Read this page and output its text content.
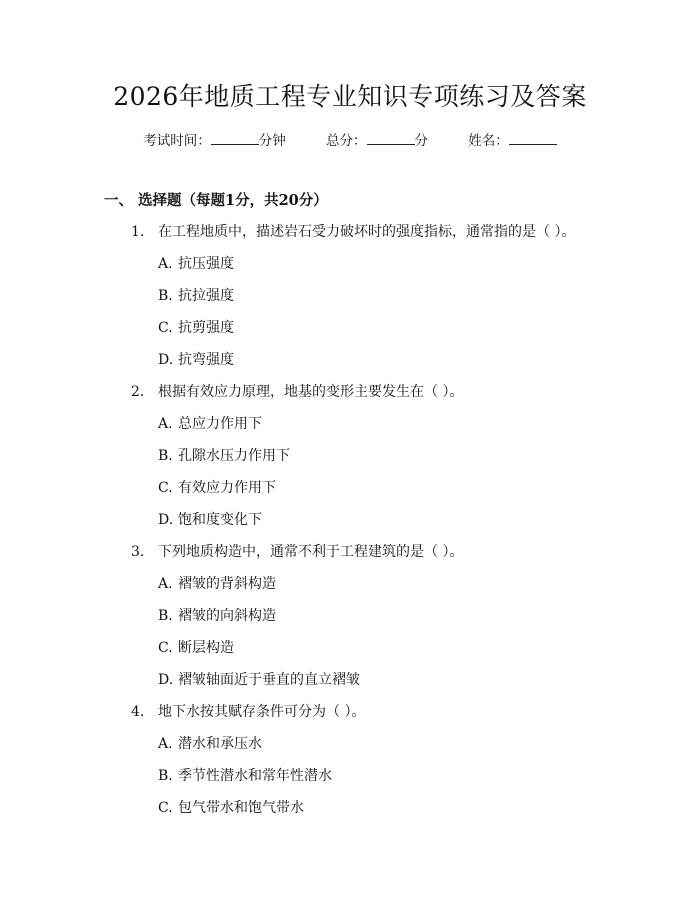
2026年地质工程专业知识专项练习及答案
考试时间：	分钟	总分：	分	姓名：
一、 选择题（每题1分，共20分）
1. 在工程地质中，描述岩石受力破坏时的强度指标，通常指的是（ ）。
A. 抗压强度
B. 抗拉强度
C. 抗剪强度
D. 抗弯强度
2. 根据有效应力原理，地基的变形主要发生在（ ）。
A. 总应力作用下
B. 孔隙水压力作用下
C. 有效应力作用下
D. 饱和度变化下
3. 下列地质构造中，通常不利于工程建筑的是（ ）。
A. 褶皱的背斜构造
B. 褶皱的向斜构造
C. 断层构造
D. 褶皱轴面近于垂直的直立褶皱
4. 地下水按其赋存条件可分为（ ）。
A. 潜水和承压水
B. 季节性潜水和常年性潜水
C. 包气带水和饱气带水
